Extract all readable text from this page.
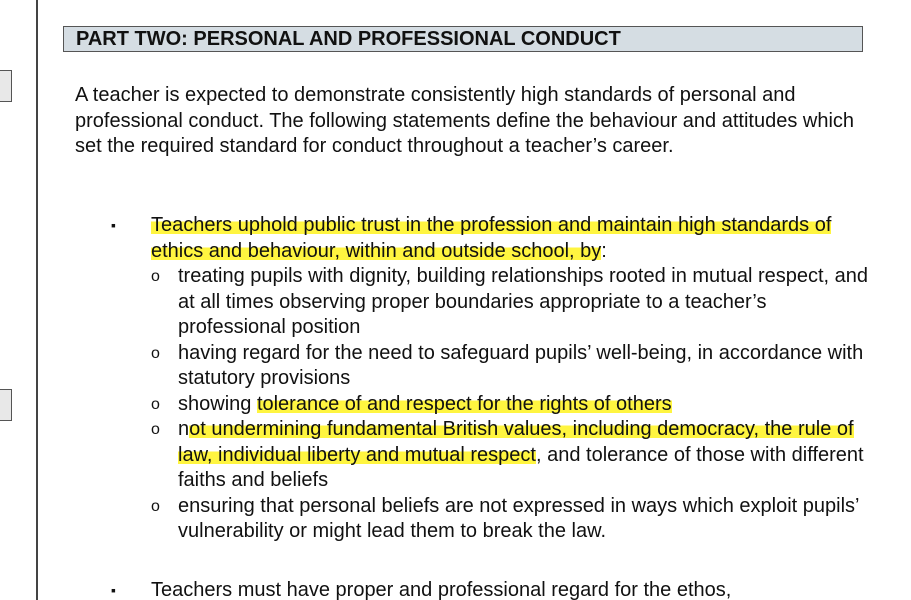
PART TWO: PERSONAL AND PROFESSIONAL CONDUCT
A teacher is expected to demonstrate consistently high standards of personal and professional conduct. The following statements define the behaviour and attitudes which set the required standard for conduct throughout a teacher’s career.
▪	Teachers uphold public trust in the profession and maintain high standards of ethics and behaviour, within and outside school, by:
o treating pupils with dignity, building relationships rooted in mutual respect, and at all times observing proper boundaries appropriate to a teacher’s professional position
o having regard for the need to safeguard pupils’ well-being, in accordance with statutory provisions
o showing tolerance of and respect for the rights of others
o not undermining fundamental British values, including democracy, the rule of law, individual liberty and mutual respect, and tolerance of those with different faiths and beliefs
o ensuring that personal beliefs are not expressed in ways which exploit pupils’ vulnerability or might lead them to break the law.
▪	Teachers must have proper and professional regard for the ethos,
